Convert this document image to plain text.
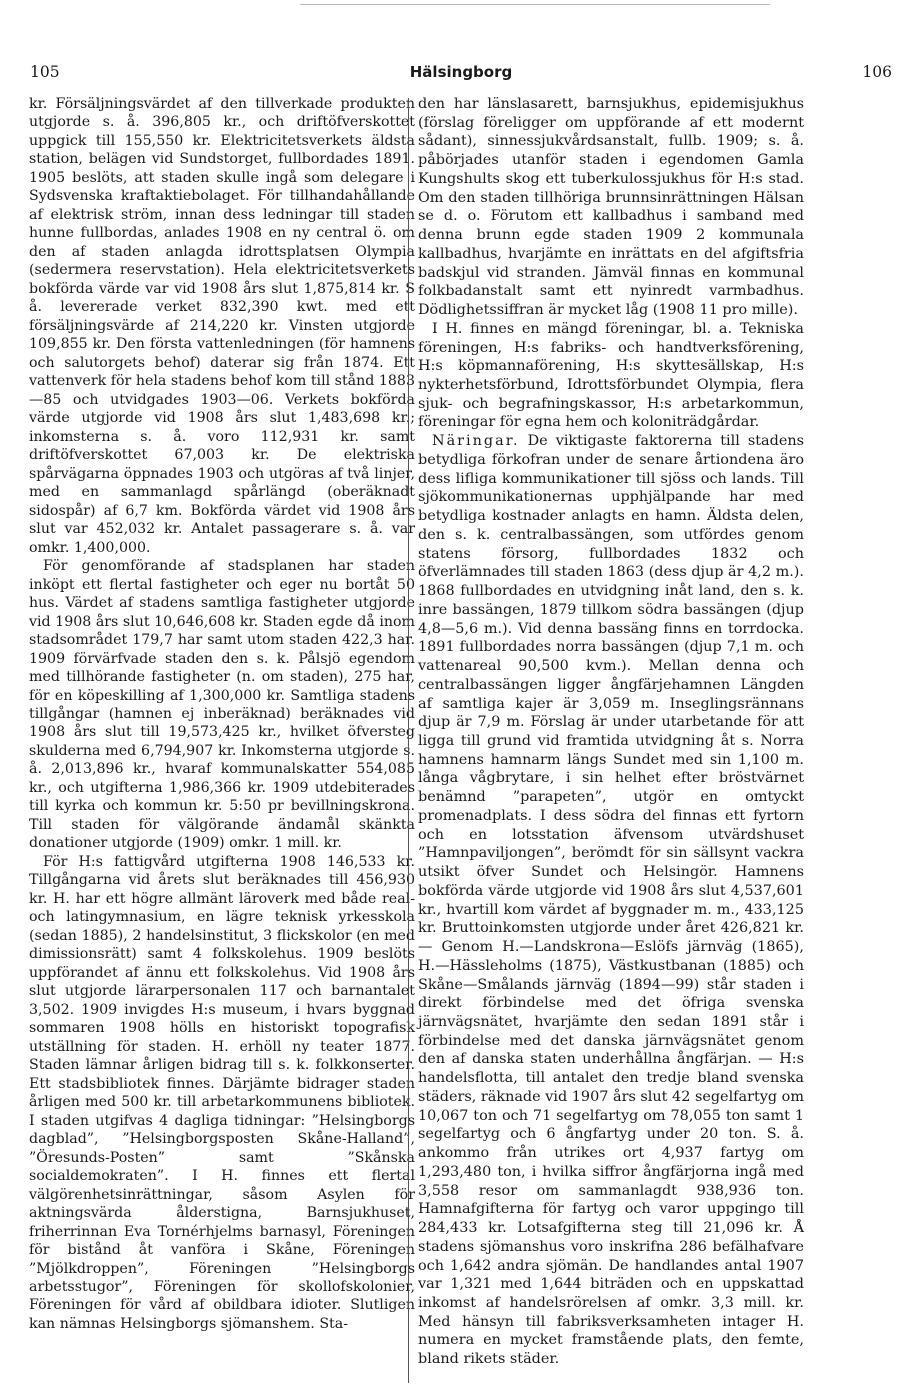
105	Hälsingborg	106

kr. Försäljningsvärdet af den tillverkade produkten utgjorde s. å. 396,805 kr., och driftöfverskottet uppgick till 155,550 kr. Elektricitetsverkets äldsta station, belägen vid Sundstorget, fullbordades 1891. 1905 beslöts, att staden skulle ingå som delegare i Sydsvenska kraftaktiebolaget. För tillhandahållande af elektrisk ström, innan dess ledningar till staden hunne fullbordas, anlades 1908 en ny central ö. om den af staden anlagda idrottsplatsen Olympia (sedermera reservstation). Hela elektricitetsverkets bokförda värde var vid 1908 års slut 1,875,814 kr. S å. levererade verket 832,390 kwt. med ett försäljningsvärde af 214,220 kr. Vinsten utgjorde 109,855 kr. Den första vattenledningen (för hamnens och salutorgets behof) daterar sig från 1874. Ett vattenverk för hela stadens behof kom till stånd 1883—85 och utvidgades 1903—06. Verkets bokförda värde utgjorde vid 1908 års slut 1,483,698 kr.; inkomsterna s. å. voro 112,931 kr. samt driftöfverskottet 67,003 kr. De elektriska spårvägarna öppnades 1903 och utgöras af två linjer, med en sammanlagd spårlängd (oberäknadt sidospår) af 6,7 km. Bokförda värdet vid 1908 års slut var 452,032 kr. Antalet passagerare s. å. var omkr. 1,400,000.

För genomförande af stadsplanen har staden inköpt ett flertal fastigheter och eger nu bortåt 50 hus. Värdet af stadens samtliga fastigheter utgjorde vid 1908 års slut 10,646,608 kr. Staden egde då inom stadsområdet 179,7 har samt utom staden 422,3 har. 1909 förvärfvade staden den s. k. Pålsjö egendom med tillhörande fastigheter (n. om staden), 275 har, för en köpeskilling af 1,300,000 kr. Samtliga stadens tillgångar (hamnen ej inberäknad) beräknades vid 1908 års slut till 19,573,425 kr., hvilket öfversteg skulderna med 6,794,907 kr. Inkomsterna utgjorde s. å. 2,013,896 kr., hvaraf kommunalskatter 554,085 kr., och utgifterna 1,986,366 kr. 1909 utdebiterades till kyrka och kommun kr. 5:50 pr bevillningskrona. Till staden för välgörande ändamål skänkta donationer utgjorde (1909) omkr. 1 mill. kr.

För H:s fattigvård utgifterna 1908 146,533 kr. Tillgångarna vid årets slut beräknades till 456,930 kr. H. har ett högre allmänt läroverk med både real- och latingymnasium, en lägre teknisk yrkesskola (sedan 1885), 2 handelsinstitut, 3 flickskolor (en med dimissionsrätt) samt 4 folkskolehus. 1909 beslöts uppförandet af ännu ett folkskolehus. Vid 1908 års slut utgjorde lärarpersonalen 117 och barnantalet 3,502. 1909 invigdes H:s museum, i hvars byggnad sommaren 1908 hölls en historiskt topografisk utställning för staden. H. erhöll ny teater 1877. Staden lämnar årligen bidrag till s. k. folkkonserter. Ett stadsbibliotek finnes. Därjämte bidrager staden årligen med 500 kr. till arbetarkommunens bibliotek. I staden utgifvas 4 dagliga tidningar: ”Helsingborgs dagblad”, ”Helsingborgsposten Skåne-Halland”, ”Öresunds-Posten” samt ”Skånska socialdemokraten”. I H. finnes ett flertal välgörenhetsinrättningar, såsom Asylen för aktningsvärda ålderstigna, Barnsjukhuset, friherrinnan Eva Tornérhjelms barnasyl, Föreningen för bistånd åt vanföra i Skåne, Föreningen ”Mjölkdroppen”, Föreningen ”Helsingborgs arbetsstugor”, Föreningen för skollofskolonier, Föreningen för vård af obildbara idioter. Slutligen kan nämnas Helsingborgs sjömanshem. Sta-

den har länslasarett, barnsjukhus, epidemisjukhus (förslag föreligger om uppförande af ett modernt sådant), sinnessjukvårdsanstalt, fullb. 1909; s. å. påbörjades utanför staden i egendomen Gamla Kungshults skog ett tuberkulossjukhus för H:s stad. Om den staden tillhöriga brunnsinrättningen Hälsan se d. o. Förutom ett kallbadhus i samband med denna brunn egde staden 1909 2 kommunala kallbadhus, hvarjämte en inrättats en del afgiftsfria badskjul vid stranden. Jämväl finnas en kommunal folkbadanstalt samt ett nyinredt varmbadhus. Dödlighetssiffran är mycket låg (1908 11 pro mille).

I H. finnes en mängd föreningar, bl. a. Tekniska föreningen, H:s fabriks- och handtverksförening, H:s köpmannaförening, H:s skyttesällskap, H:s nykterhetsförbund, Idrottsförbundet Olympia, flera sjuk- och begrafningskassor, H:s arbetarkommun, föreningar för egna hem och koloniträdgårdar.

Näringar. De viktigaste faktorerna till stadens betydliga förkofran under de senare årtiondena äro dess lifliga kommunikationer till sjöss och lands. Till sjökommunikationernas upphjälpande har med betydliga kostnader anlagts en hamn. Äldsta delen, den s. k. centralbassängen, som utfördes genom statens försorg, fullbordades 1832 och öfverlämnades till staden 1863 (dess djup är 4,2 m.). 1868 fullbordades en utvidgning inåt land, den s. k. inre bassängen, 1879 tillkom södra bassängen (djup 4,8—5,6 m.). Vid denna bassäng finns en torrdocka. 1891 fullbordades norra bassängen (djup 7,1 m. och vattenareal 90,500 kvm.). Mellan denna och centralbassängen ligger ångfärjehamnen Längden af samtliga kajer är 3,059 m. Inseglingsrännans djup är 7,9 m. Förslag är under utarbetande för att ligga till grund vid framtida utvidgning åt s. Norra hamnens hamnarm längs Sundet med sin 1,100 m. långa vågbrytare, i sin helhet efter bröstvärnet benämnd ”parapeten”, utgör en omtyckt promenadplats. I dess södra del finnas ett fyrtorn och en lotsstation äfvensom utvärdshuset ”Hamnpaviljongen”, berömdt för sin sällsynt vackra utsikt öfver Sundet och Helsingör. Hamnens bokförda värde utgjorde vid 1908 års slut 4,537,601 kr., hvartill kom värdet af byggnader m. m., 433,125 kr. Bruttoinkomsten utgjorde under året 426,821 kr. — Genom H.—Landskrona—Eslöfs järnväg (1865), H.—Hässleholms (1875), Västkustbanan (1885) och Skåne—Smålands järnväg (1894—99) står staden i direkt förbindelse med det öfriga svenska järnvägsnätet, hvarjämte den sedan 1891 står i förbindelse med det danska järnvägsnätet genom den af danska staten underhållna ångfärjan. — H:s handelsflotta, till antalet den tredje bland svenska städers, räknade vid 1907 års slut 42 segelfartyg om 10,067 ton och 71 segelfartyg om 78,055 ton samt 1 segelfartyg och 6 ångfartyg under 20 ton. S. å. ankommo från utrikes ort 4,937 fartyg om 1,293,480 ton, i hvilka siffror ångfärjorna ingå med 3,558 resor om sammanlagdt 938,936 ton. Hamnafgifterna för fartyg och varor uppgingo till 284,433 kr. Lotsafgifterna steg till 21,096 kr. Å stadens sjömanshus voro inskrifna 286 befälhafvare och 1,642 andra sjömän. De handlandes antal 1907 var 1,321 med 1,644 biträden och en uppskattad inkomst af handelsrörelsen af omkr. 3,3 mill. kr. Med hänsyn till fabriksverksamheten intager H. numera en mycket framstående plats, den femte, bland rikets städer.
